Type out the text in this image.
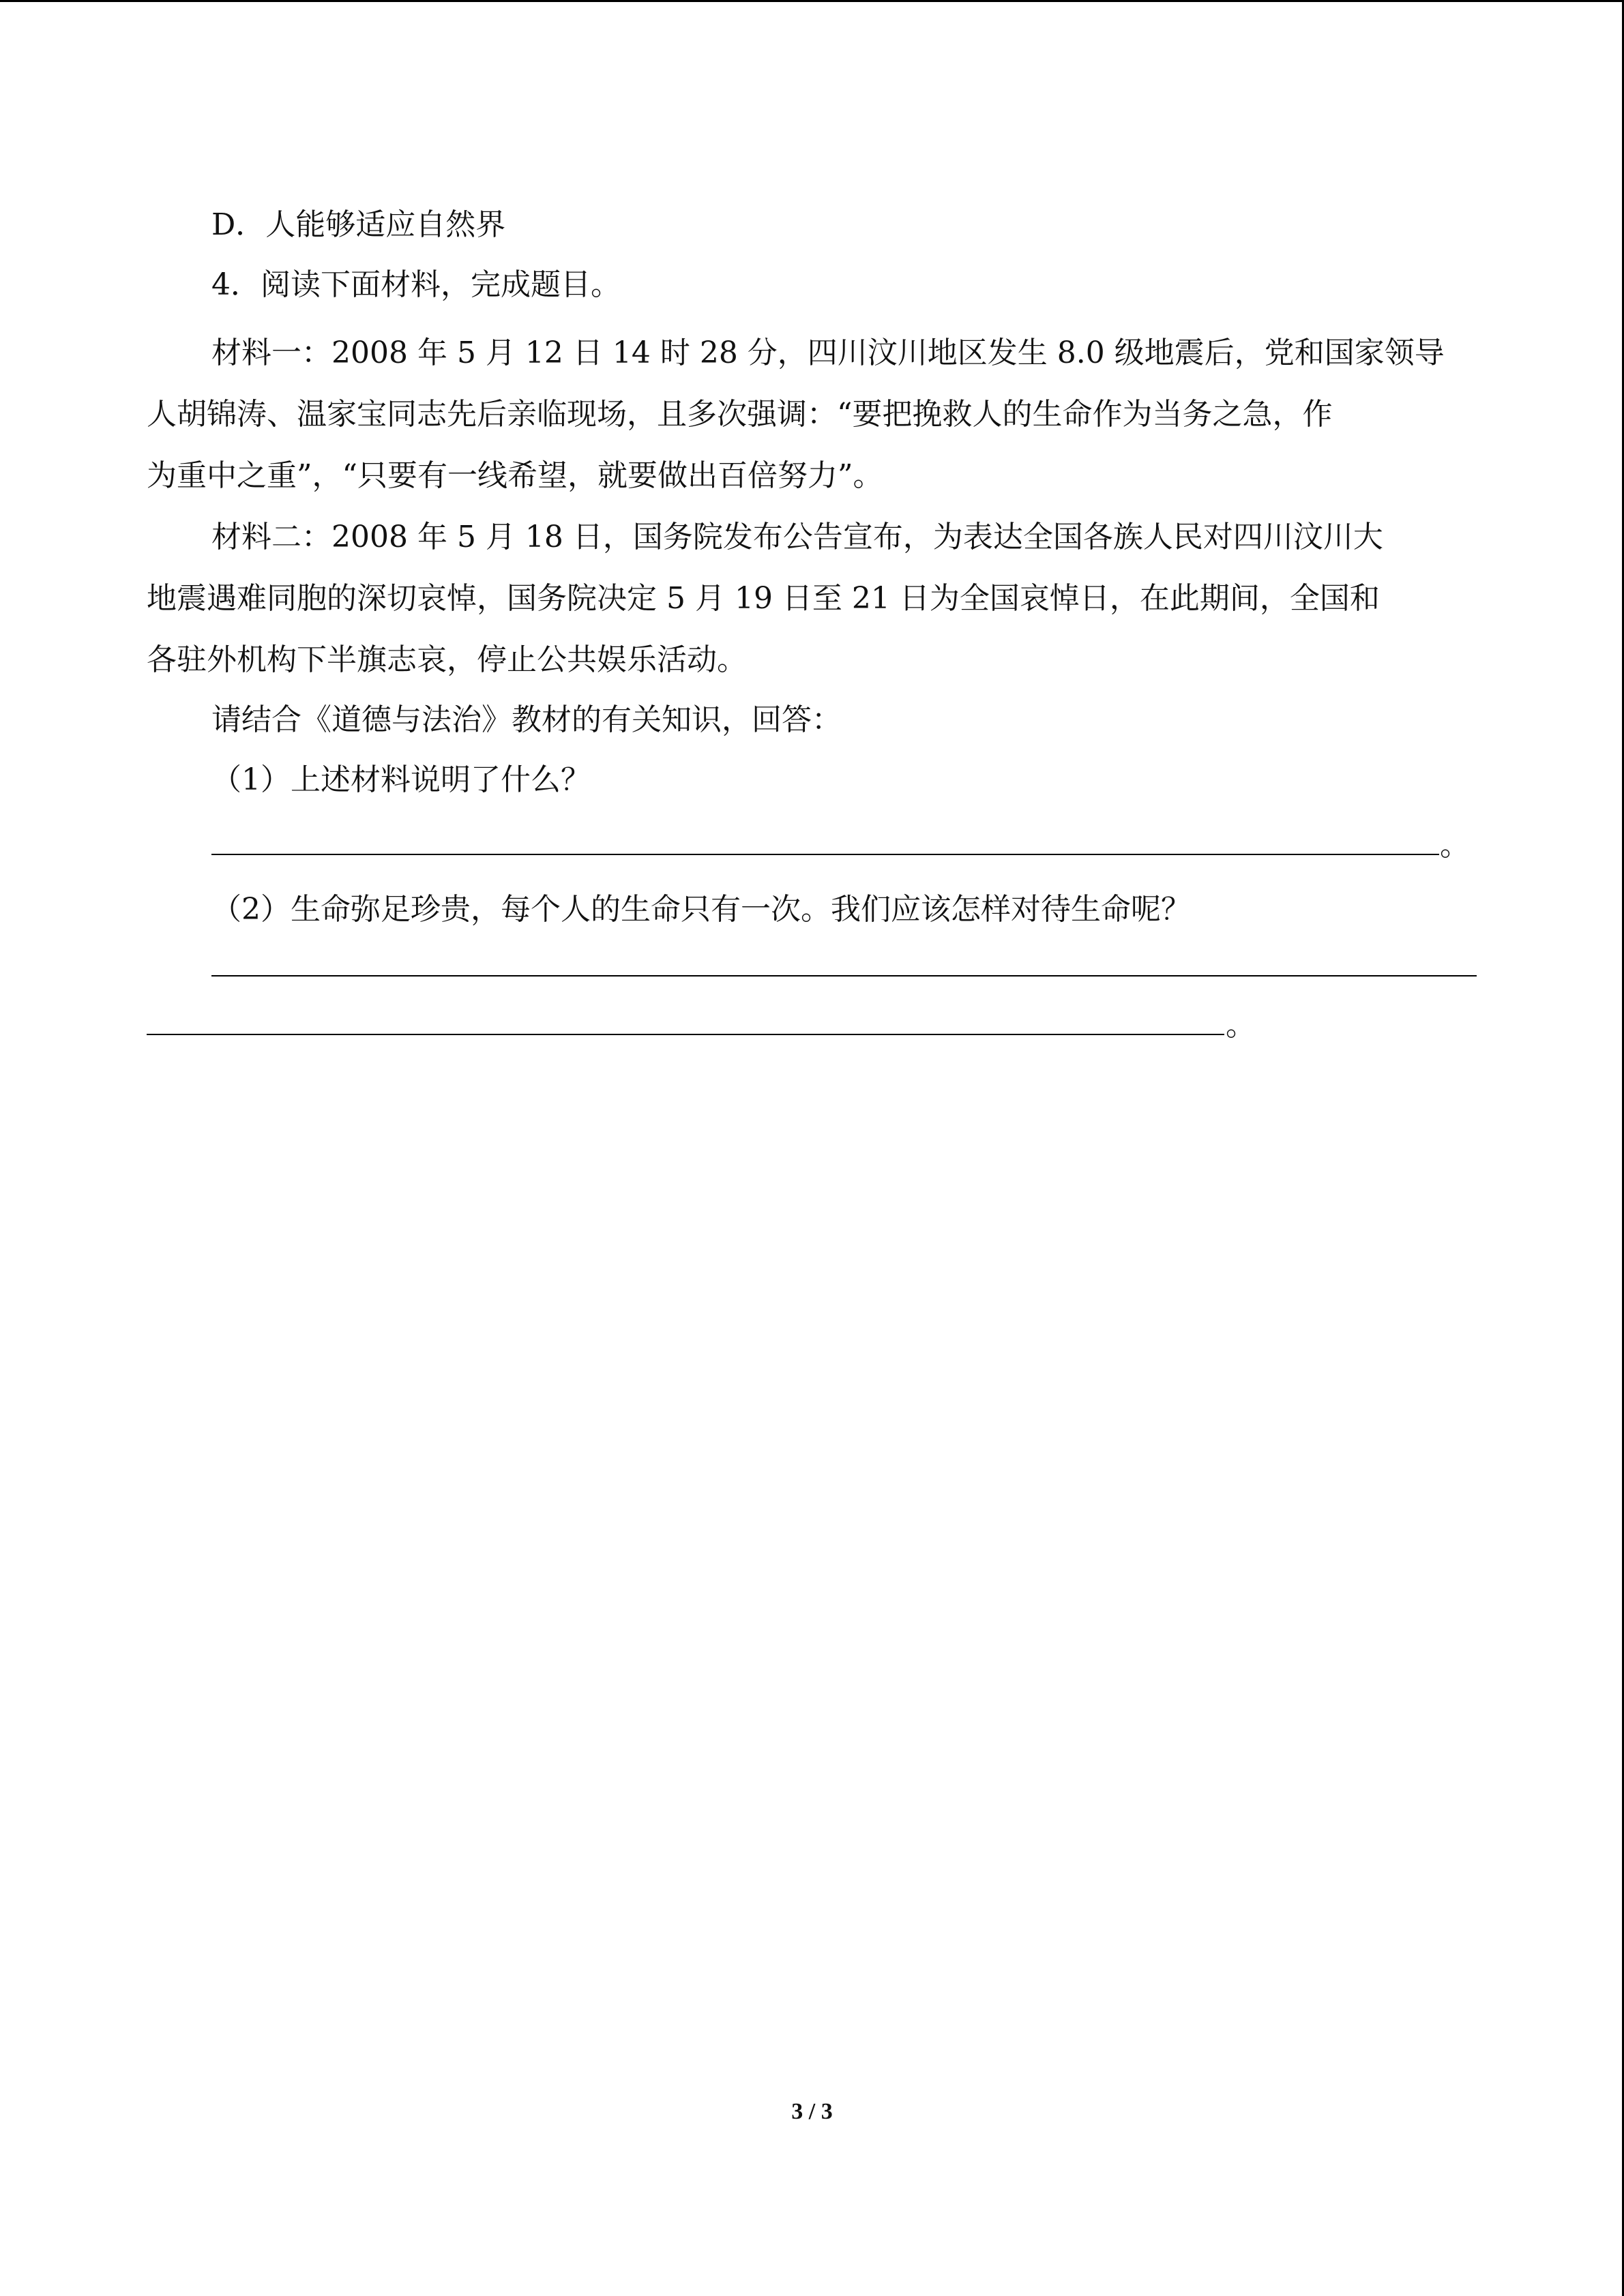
D．人能够适应自然界
4．阅读下面材料，完成题目。
材料一：2008 年 5 月 12 日 14 时 28 分，四川汶川地区发生 8.0 级地震后，党和国家领导
人胡锦涛、温家宝同志先后亲临现场，且多次强调：“要把挽救人的生命作为当务之急，作
为重中之重”，“只要有一线希望，就要做出百倍努力”。
材料二：2008 年 5 月 18 日，国务院发布公告宣布，为表达全国各族人民对四川汶川大
地震遇难同胞的深切哀悼，国务院决定 5 月 19 日至 21 日为全国哀悼日，在此期间，全国和
各驻外机构下半旗志哀，停止公共娱乐活动。
请结合《道德与法治》教材的有关知识，回答：
（1）上述材料说明了什么？
。
（2）生命弥足珍贵，每个人的生命只有一次。我们应该怎样对待生命呢？
。
3 / 3
